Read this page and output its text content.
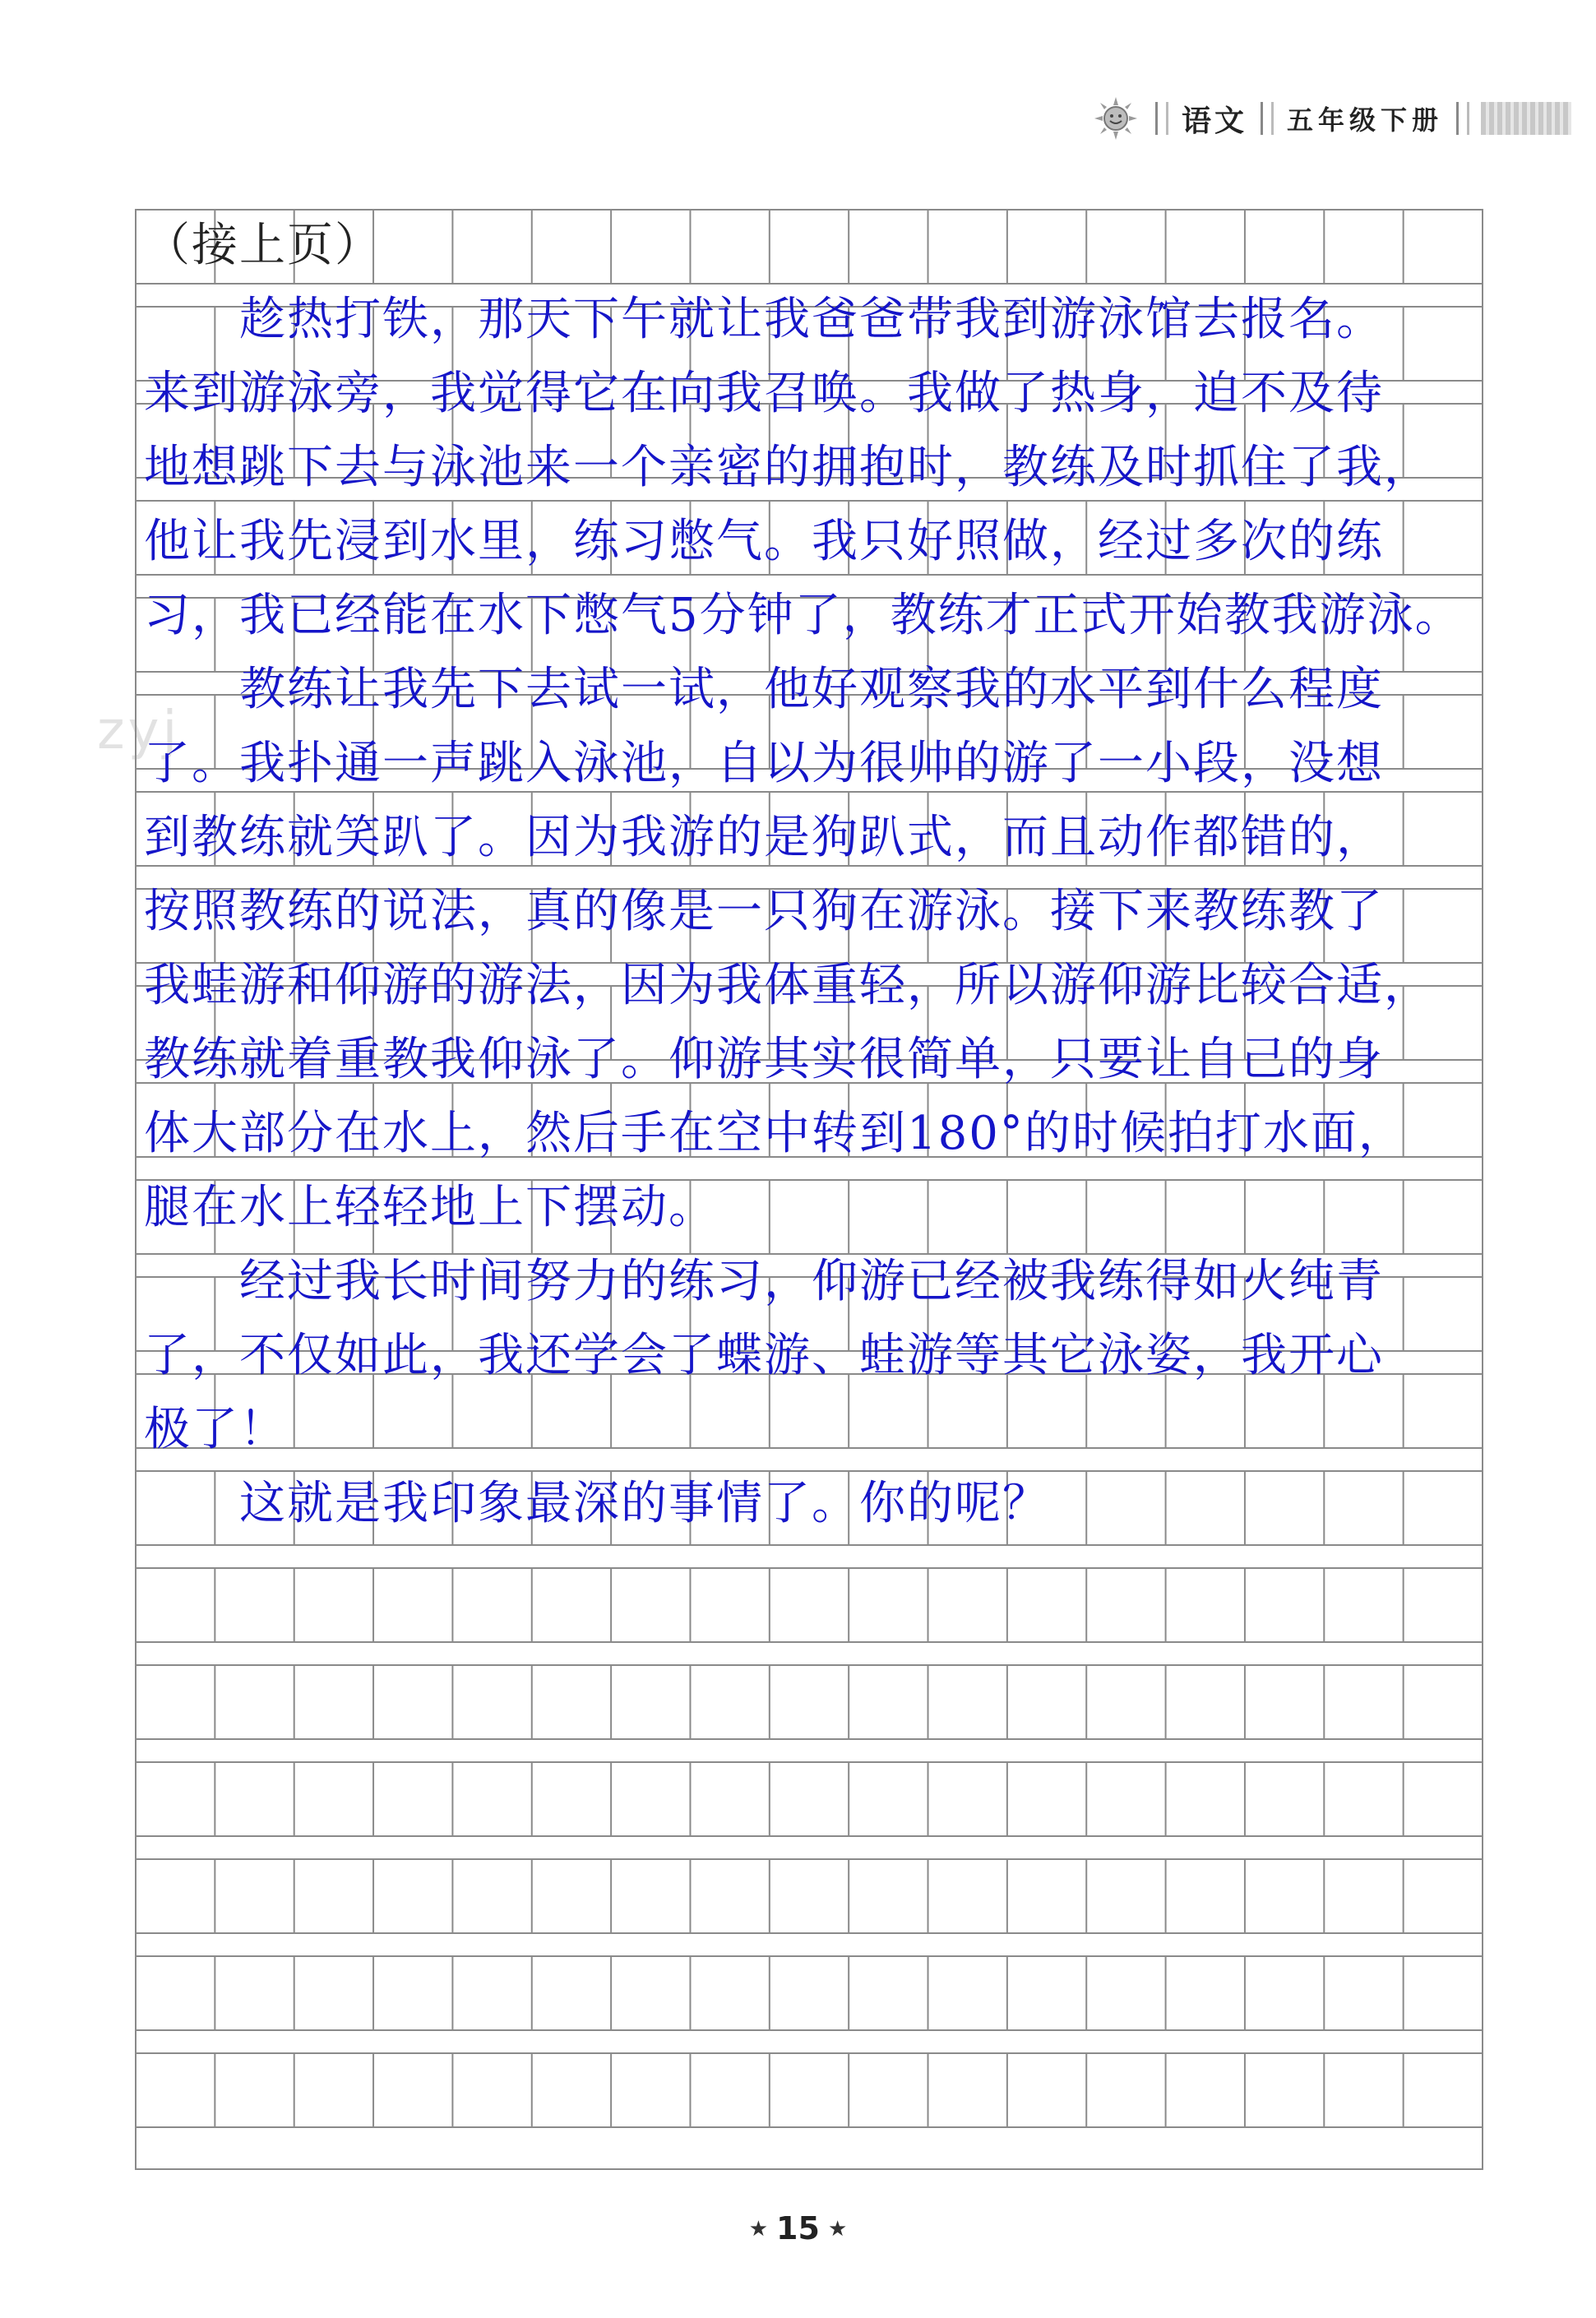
语文 五年级下册
zyj
（接上页）
　　趁热打铁，那天下午就让我爸爸带我到游泳馆去报名。
来到游泳旁，我觉得它在向我召唤。我做了热身，迫不及待
地想跳下去与泳池来一个亲密的拥抱时，教练及时抓住了我，
他让我先浸到水里，练习憋气。我只好照做，经过多次的练
习，我已经能在水下憋气5分钟了，教练才正式开始教我游泳。
　　教练让我先下去试一试，他好观察我的水平到什么程度
了。我扑通一声跳入泳池，自以为很帅的游了一小段，没想
到教练就笑趴了。因为我游的是狗趴式，而且动作都错的，
按照教练的说法，真的像是一只狗在游泳。接下来教练教了
我蛙游和仰游的游法，因为我体重轻，所以游仰游比较合适，
教练就着重教我仰泳了。仰游其实很简单，只要让自己的身
体大部分在水上，然后手在空中转到180°的时候拍打水面，
腿在水上轻轻地上下摆动。
　　经过我长时间努力的练习，仰游已经被我练得如火纯青
了，不仅如此，我还学会了蝶游、蛙游等其它泳姿，我开心
极了！
　　这就是我印象最深的事情了。你的呢？
★ 15 ★
